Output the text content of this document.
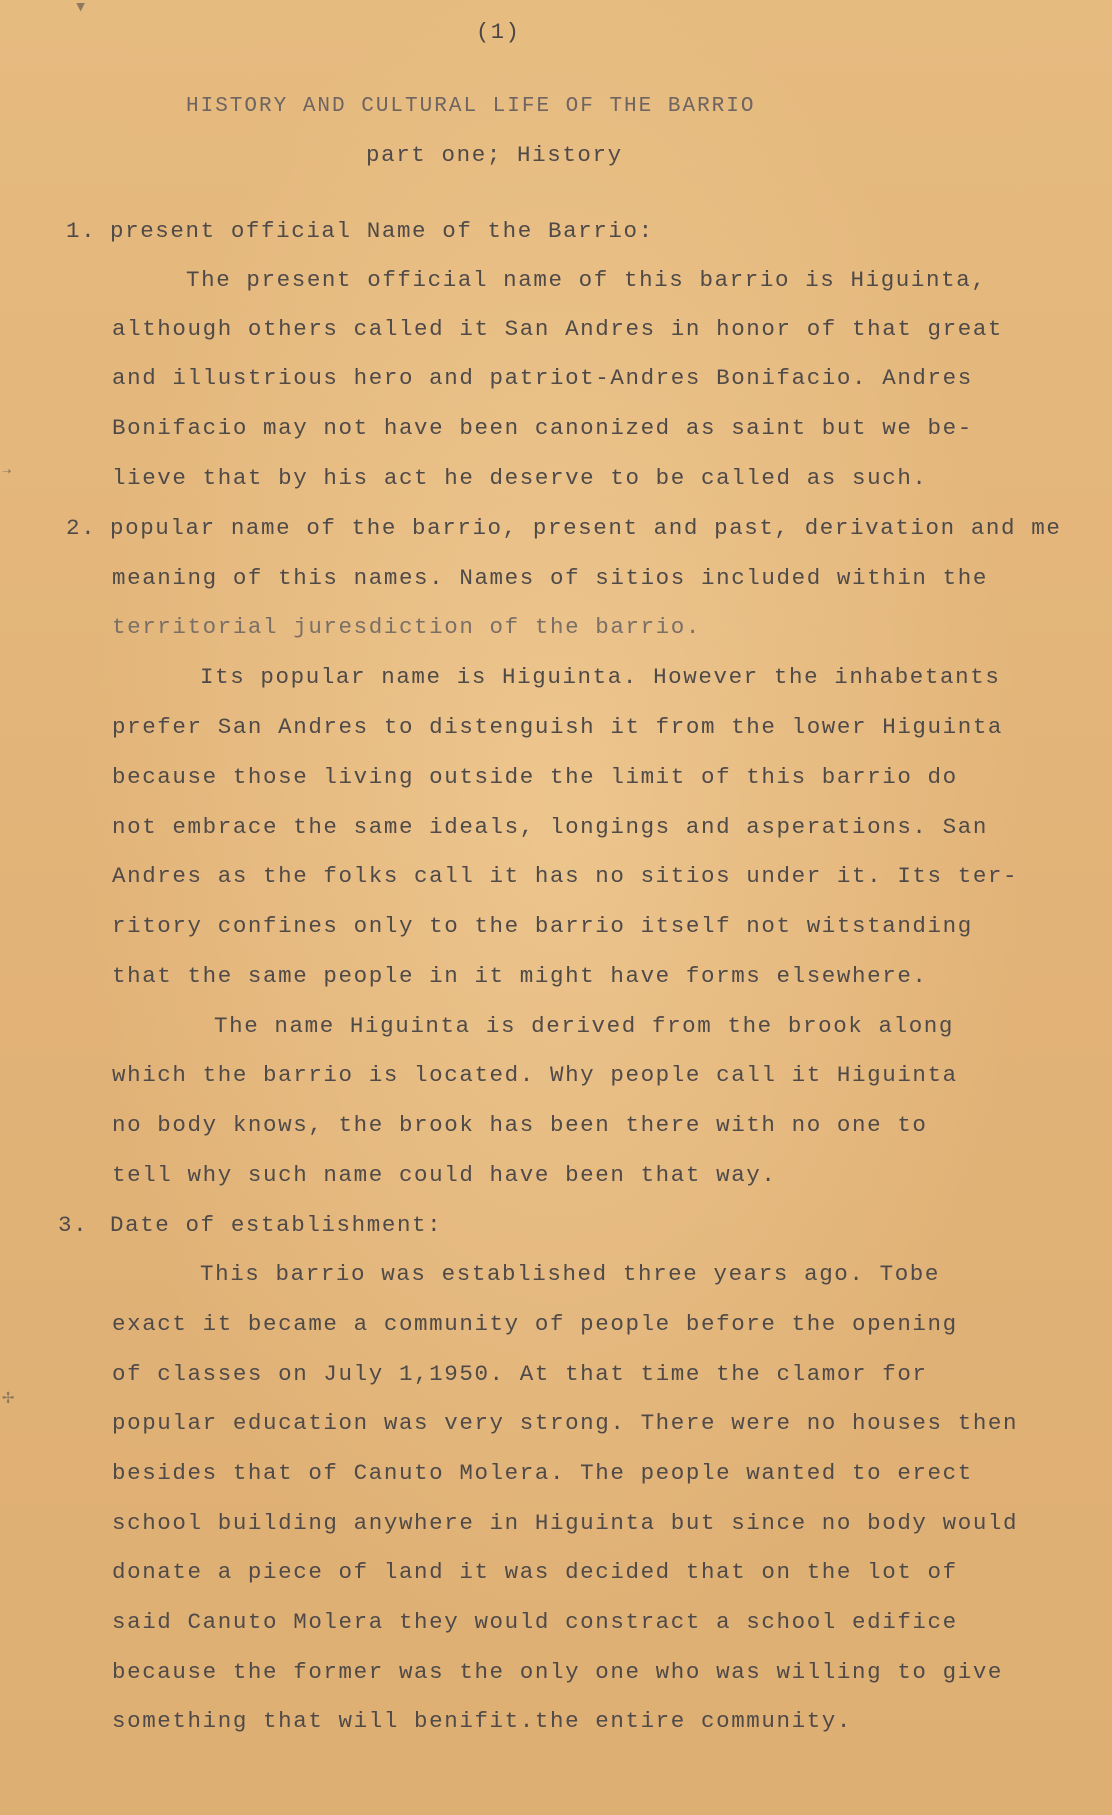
▾
➝
✢
(1)
HISTORY AND CULTURAL LIFE OF THE BARRIO
part one; History
1. present official Name of the Barrio:
The present official name of this barrio is Higuinta,
although others called it San Andres in honor of that great
and illustrious hero and patriot-Andres Bonifacio. Andres
Bonifacio may not have been canonized as saint but we be-
lieve that by his act he deserve to be called as such.
2. popular name of the barrio, present and past, derivation and me
meaning of this names. Names of sitios included within the
territorial juresdiction of the barrio.
Its popular name is Higuinta. However the inhabetants
prefer San Andres to distenguish it from the lower Higuinta
because those living outside the limit of this barrio do
not embrace the same ideals, longings and asperations. San
Andres as the folks call it has no sitios under it. Its ter-
ritory confines only to the barrio itself not witstanding
that the same people in it might have forms elsewhere.
The name Higuinta is derived from the brook along
which the barrio is located. Why people call it Higuinta
no body knows, the brook has been there with no one to
tell why such name could have been that way.
3. Date of establishment:
This barrio was established three years ago. Tobe
exact it became a community of people before the opening
of classes on July 1,1950. At that time the clamor for
popular education was very strong. There were no houses then
besides that of Canuto Molera. The people wanted to erect
school building anywhere in Higuinta but since no body would
donate a piece of land it was decided that on the lot of
said Canuto Molera they would constract a school edifice
because the former was the only one who was willing to give
something that will benifit.the entire community.
